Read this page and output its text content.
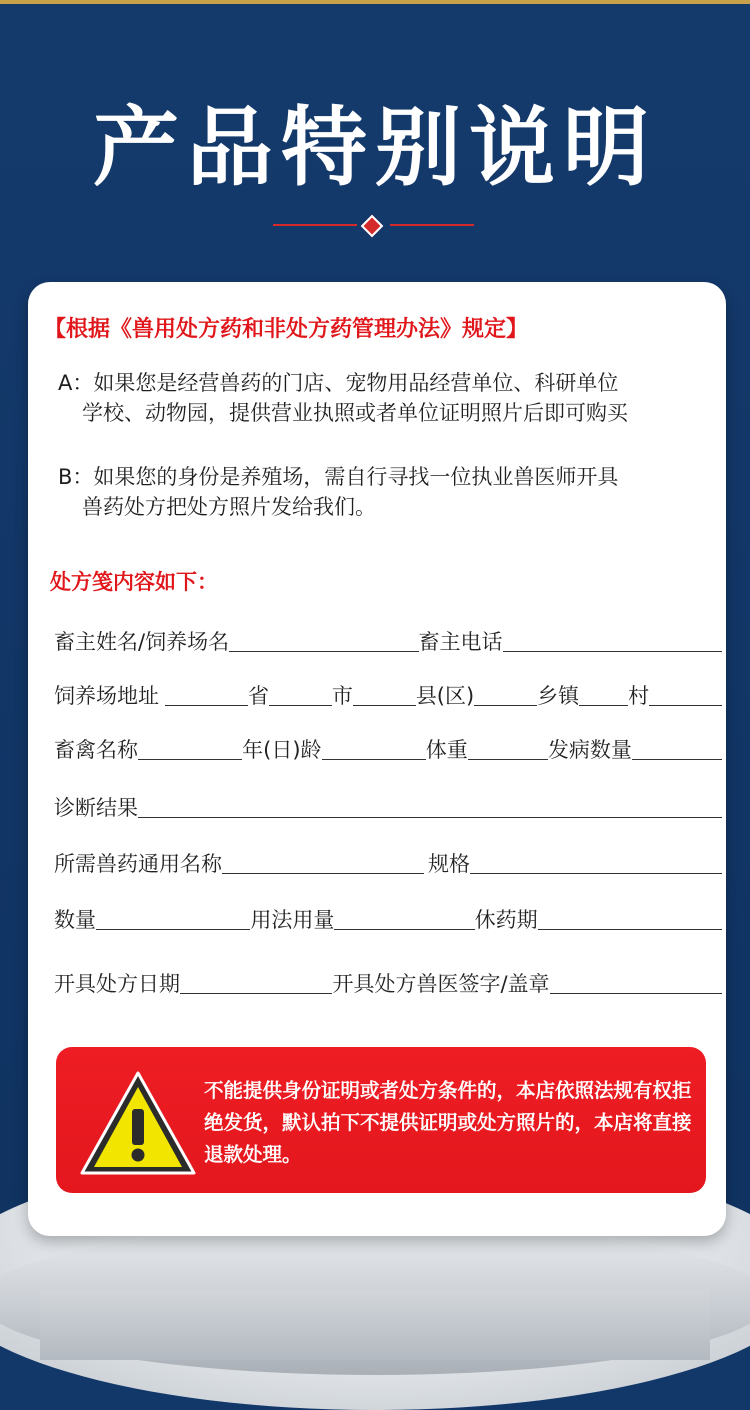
产品特别说明
【根据《兽用处方药和非处方药管理办法》规定】
A：如果您是经营兽药的门店、宠物用品经营单位、科研单位
学校、动物园，提供营业执照或者单位证明照片后即可购买
B：如果您的身份是养殖场，需自行寻找一位执业兽医师开具
兽药处方把处方照片发给我们。
处方笺内容如下：
畜主姓名/饲养场名	畜主电话
饲养场地址	省	市	县(区)	乡镇 村
畜禽名称	年(日)龄	体重	发病数量
诊断结果
所需兽药通用名称	规格
数量	用法用量	休药期
开具处方日期	开具处方兽医签字/盖章
不能提供身份证明或者处方条件的，本店依照法规有权拒绝发货，默认拍下不提供证明或处方照片的，本店将直接退款处理。
